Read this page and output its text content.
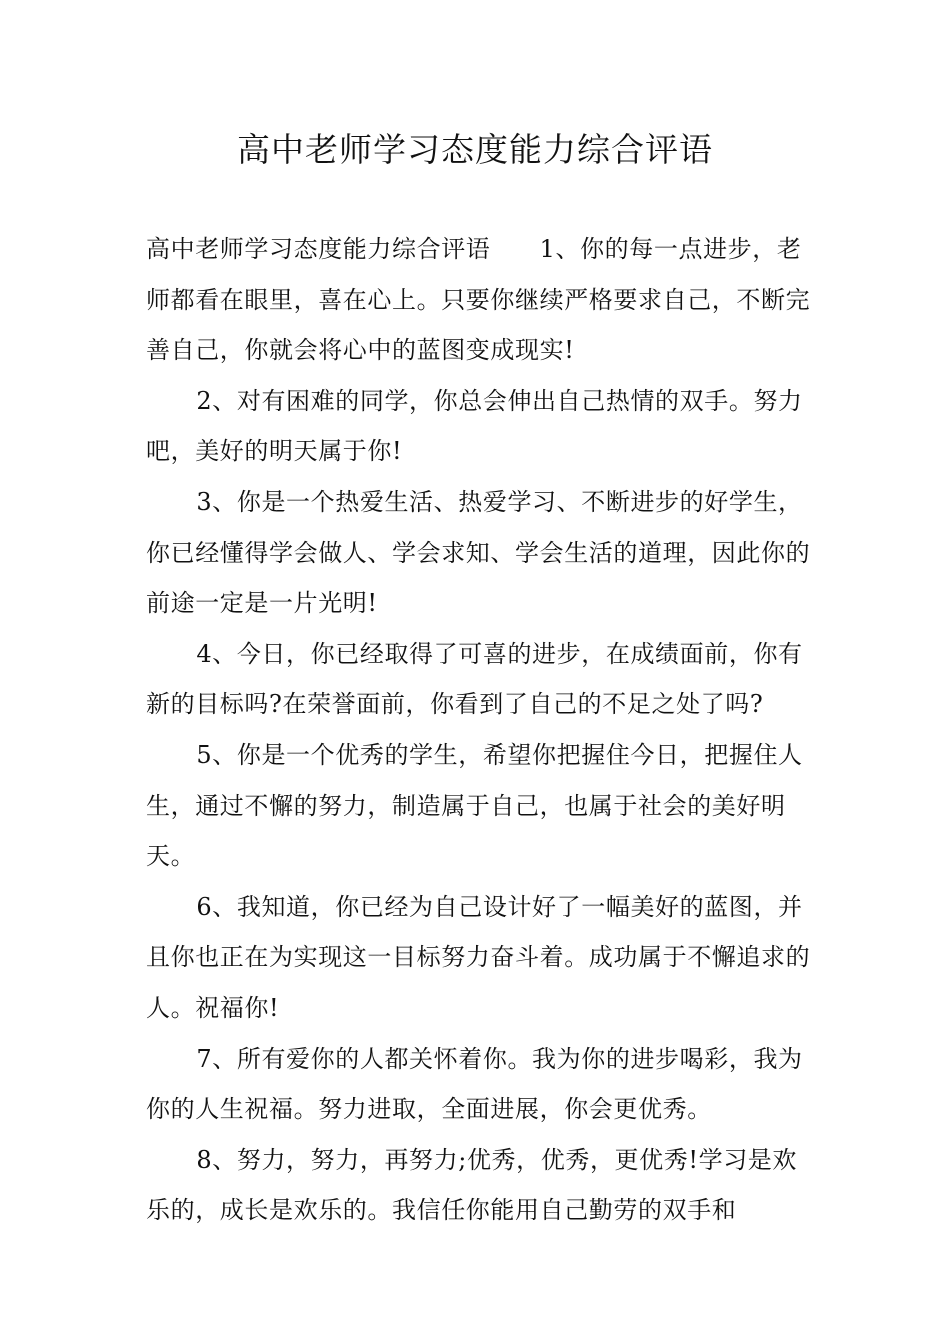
高中老师学习态度能力综合评语

高中老师学习态度能力综合评语　　1、你的每一点进步，老师都看在眼里，喜在心上。只要你继续严格要求自己，不断完善自己，你就会将心中的蓝图变成现实!

2、对有困难的同学，你总会伸出自己热情的双手。努力吧，美好的明天属于你!

3、你是一个热爱生活、热爱学习、不断进步的好学生，你已经懂得学会做人、学会求知、学会生活的道理，因此你的前途一定是一片光明!

4、今日，你已经取得了可喜的进步，在成绩面前，你有新的目标吗?在荣誉面前，你看到了自己的不足之处了吗?

5、你是一个优秀的学生，希望你把握住今日，把握住人生，通过不懈的努力，制造属于自己，也属于社会的美好明天。

6、我知道，你已经为自己设计好了一幅美好的蓝图，并且你也正在为实现这一目标努力奋斗着。成功属于不懈追求的人。祝福你!

7、所有爱你的人都关怀着你。我为你的进步喝彩，我为你的人生祝福。努力进取，全面进展，你会更优秀。

8、努力，努力，再努力;优秀，优秀，更优秀!学习是欢乐的，成长是欢乐的。我信任你能用自己勤劳的双手和
